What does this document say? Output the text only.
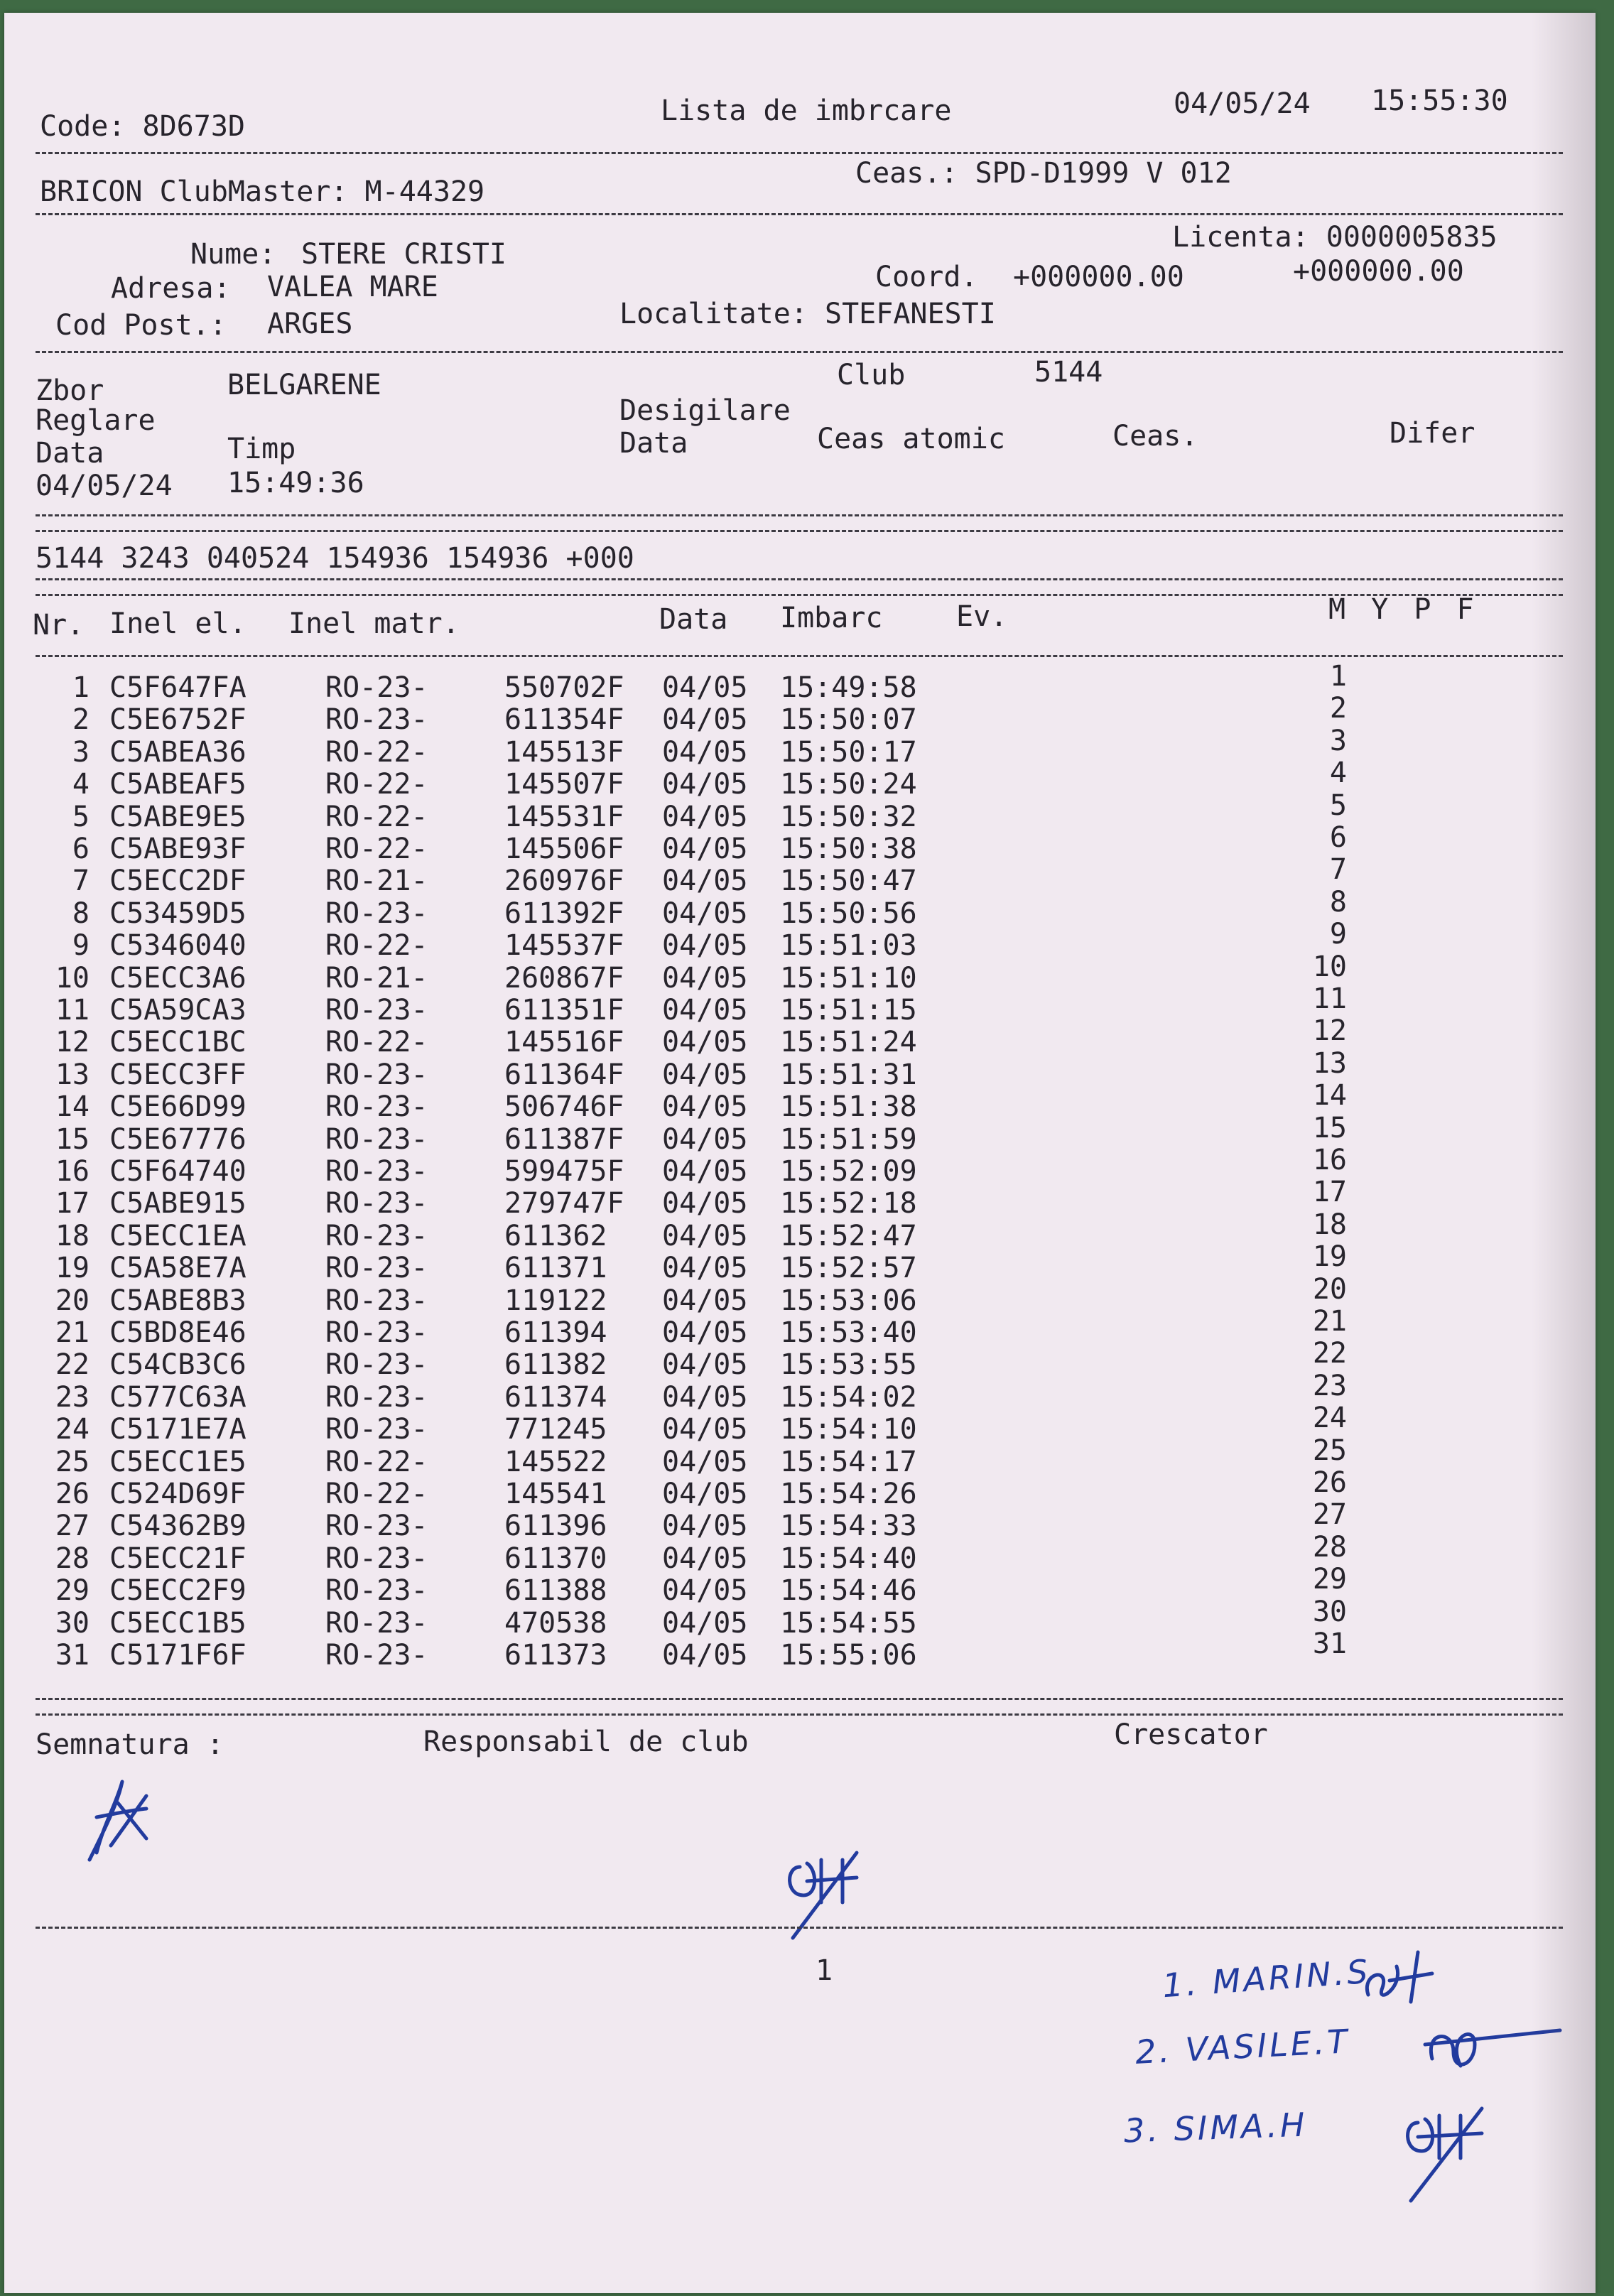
Code: 8D673D	Lista de imbrcare	04/05/24 15:55:30
BRICON ClubMaster: M-44329
Ceas.: SPD-D1999 V 012
Licenta: 0000005835
Nume: STERE CRISTI
Adresa: VALEA MARE	Coord. +000000.00	+000000.00
Cod Post.: ARGES	Localitate: STEFANESTI
Zbor	BELGARENE	Club	5144
Reglare	Desigilare
Data	Timp	Data	Ceas atomic	Ceas.	Difer
04/05/24 15:49:36
5144 3243 040524 154936 154936 +000
Nr. Inel el. Inel matr.	Data Imbarc	Ev.	M Y P F
1 C5F647FA	RO-23-	550702F 04/05 15:49:58	1
2 C5E6752F	RO-23-	611354F 04/05 15:50:07	2
3 C5ABEA36	RO-22-	145513F 04/05 15:50:17	3
4 C5ABEAF5	RO-22-	145507F 04/05 15:50:24	4
5 C5ABE9E5	RO-22-	145531F 04/05 15:50:32	5
6 C5ABE93F	RO-22-	145506F 04/05 15:50:38	6
7 C5ECC2DF	RO-21-	260976F 04/05 15:50:47	7
8 C53459D5	RO-23-	611392F 04/05 15:50:56	8
9 C5346040	RO-22-	145537F 04/05 15:51:03	9
10 C5ECC3A6	RO-21-	260867F 04/05 15:51:10	10
11 C5A59CA3	RO-23-	611351F 04/05 15:51:15	11
12 C5ECC1BC	RO-22-	145516F 04/05 15:51:24	12
13 C5ECC3FF	RO-23-	611364F 04/05 15:51:31	13
14 C5E66D99	RO-23-	506746F 04/05 15:51:38	14
15 C5E67776	RO-23-	611387F 04/05 15:51:59	15
16 C5F64740	RO-23-	599475F 04/05 15:52:09	16
17 C5ABE915	RO-23-	279747F 04/05 15:52:18	17
18 C5ECC1EA	RO-23-	611362 04/05 15:52:47	18
19 C5A58E7A	RO-23-	611371 04/05 15:52:57	19
20 C5ABE8B3	RO-23-	119122 04/05 15:53:06	20
21 C5BD8E46	RO-23-	611394 04/05 15:53:40	21
22 C54CB3C6	RO-23-	611382 04/05 15:53:55	22
23 C577C63A	RO-23-	611374 04/05 15:54:02	23
24 C5171E7A	RO-23-	771245 04/05 15:54:10	24
25 C5ECC1E5	RO-22-	145522 04/05 15:54:17	25
26 C524D69F	RO-22-	145541 04/05 15:54:26	26
27 C54362B9	RO-23-	611396 04/05 15:54:33	27
28 C5ECC21F	RO-23-	611370 04/05 15:54:40	28
29 C5ECC2F9	RO-23-	611388 04/05 15:54:46	29
30 C5ECC1B5	RO-23-	470538 04/05 15:54:55	30
31 C5171F6F	RO-23-	611373 04/05 15:55:06	31
Semnatura :	Responsabil de club	Crescator
1	1. MARIN.S
2. VASILE.T
3. SIMA.H
